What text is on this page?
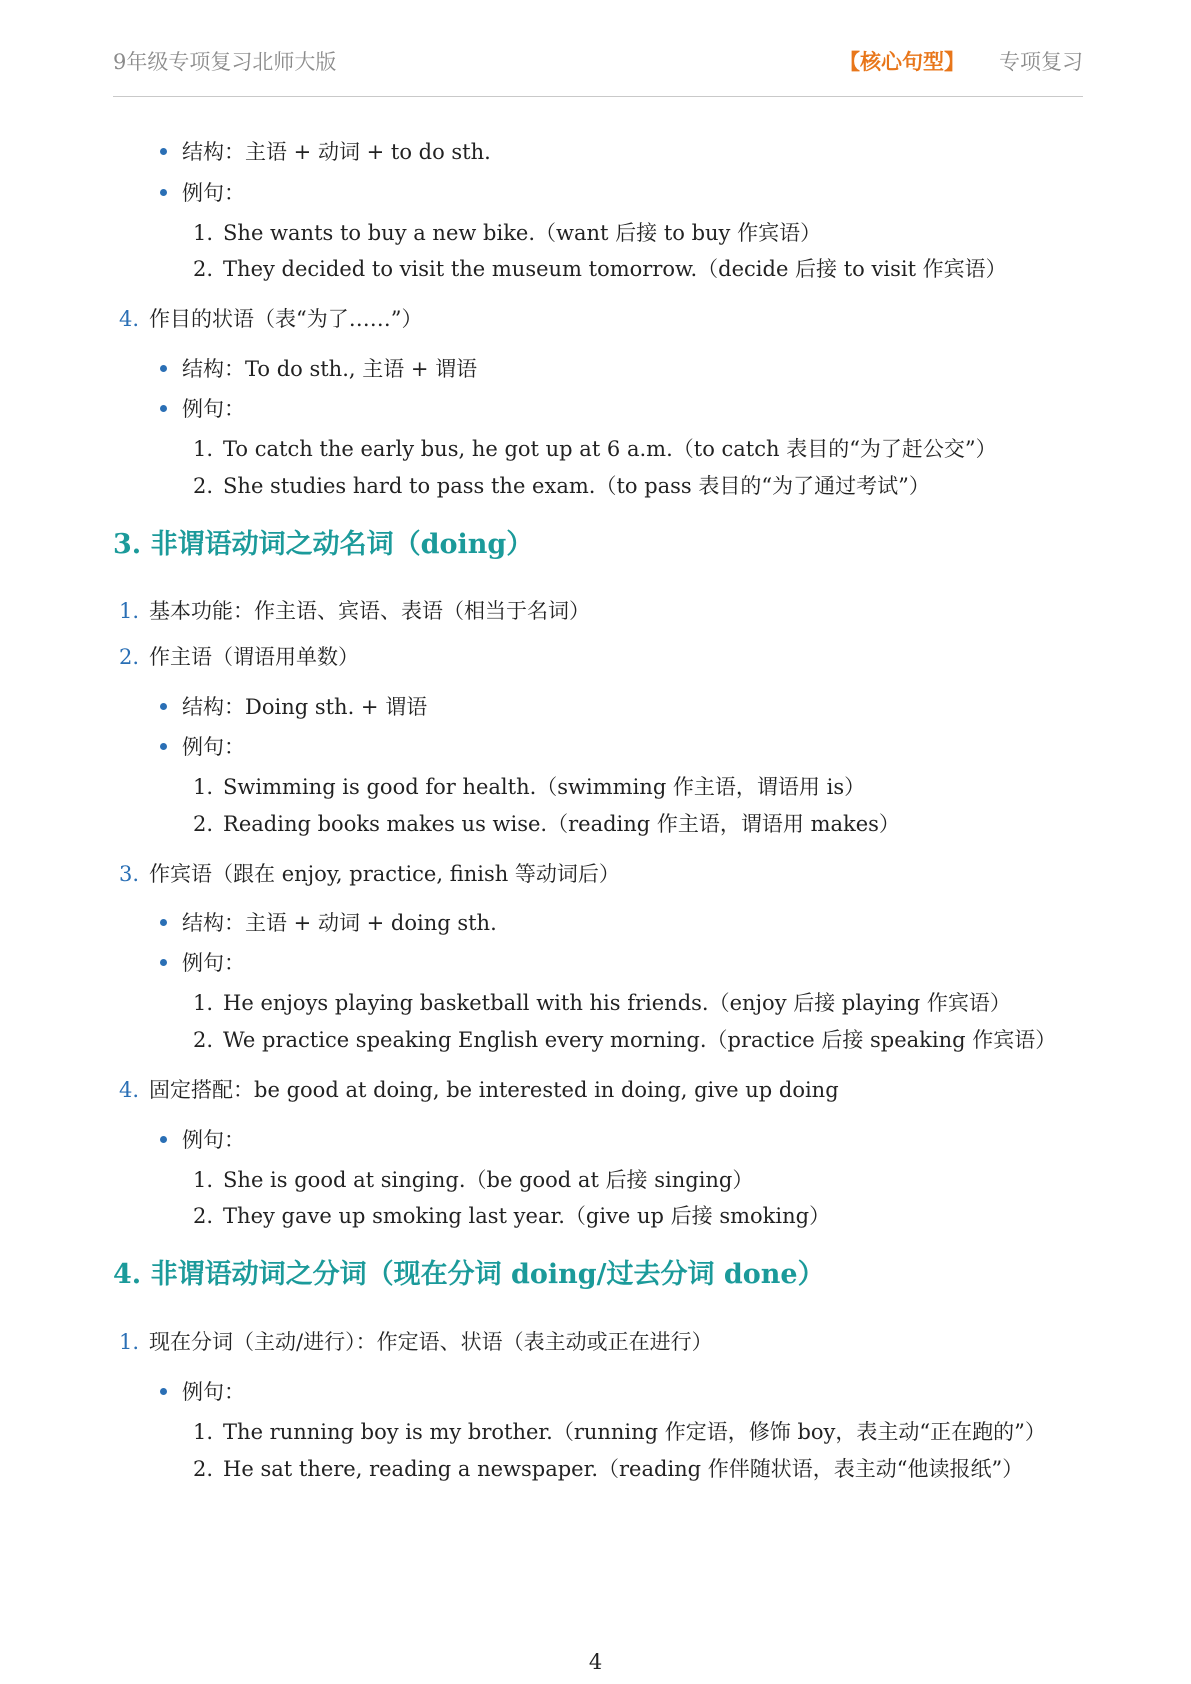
9年级专项复习北师大版	【核心句型】 专项复习
结构：主语 + 动词 + to do sth.
例句：
1. She wants to buy a new bike.（want 后接 to buy 作宾语）
2. They decided to visit the museum tomorrow.（decide 后接 to visit 作宾语）
4. 作目的状语（表“为了……”）
结构：To do sth., 主语 + 谓语
例句：
1. To catch the early bus, he got up at 6 a.m.（to catch 表目的“为了赶公交”）
2. She studies hard to pass the exam.（to pass 表目的“为了通过考试”）
3. 非谓语动词之动名词（doing）
1. 基本功能：作主语、宾语、表语（相当于名词）
2. 作主语（谓语用单数）
结构：Doing sth. + 谓语
例句：
1. Swimming is good for health.（swimming 作主语，谓语用 is）
2. Reading books makes us wise.（reading 作主语，谓语用 makes）
3. 作宾语（跟在 enjoy, practice, finish 等动词后）
结构：主语 + 动词 + doing sth.
例句：
1. He enjoys playing basketball with his friends.（enjoy 后接 playing 作宾语）
2. We practice speaking English every morning.（practice 后接 speaking 作宾语）
4. 固定搭配：be good at doing, be interested in doing, give up doing
例句：
1. She is good at singing.（be good at 后接 singing）
2. They gave up smoking last year.（give up 后接 smoking）
4. 非谓语动词之分词（现在分词 doing/过去分词 done）
1. 现在分词（主动/进行）：作定语、状语（表主动或正在进行）
例句：
1. The running boy is my brother.（running 作定语，修饰 boy，表主动“正在跑的”）
2. He sat there, reading a newspaper.（reading 作伴随状语，表主动“他读报纸”）
4
